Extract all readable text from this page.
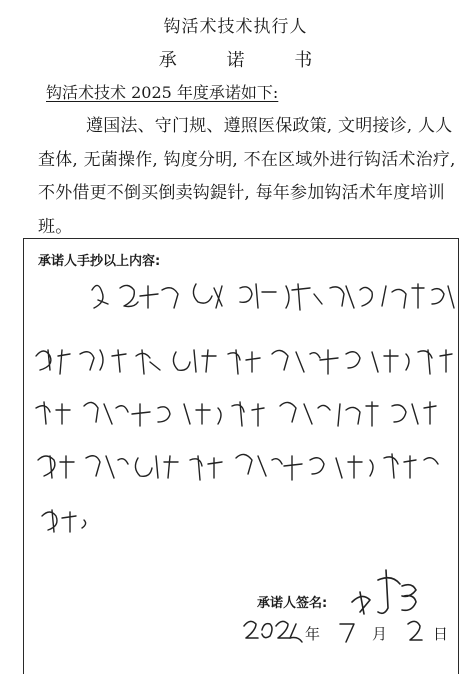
钩活术技术执行人
承 诺 书
钩活术技术 2025 年度承诺如下:
遵国法、守门规、遵照医保政策, 文明接诊, 人人查体, 无菌操作, 钩度分明, 不在区域外进行钩活术治疗, 不外借更不倒买倒卖钩鍉针, 每年参加钩活术年度培训班。
承诺人手抄以上内容:
承诺人签名:
年	月	日
